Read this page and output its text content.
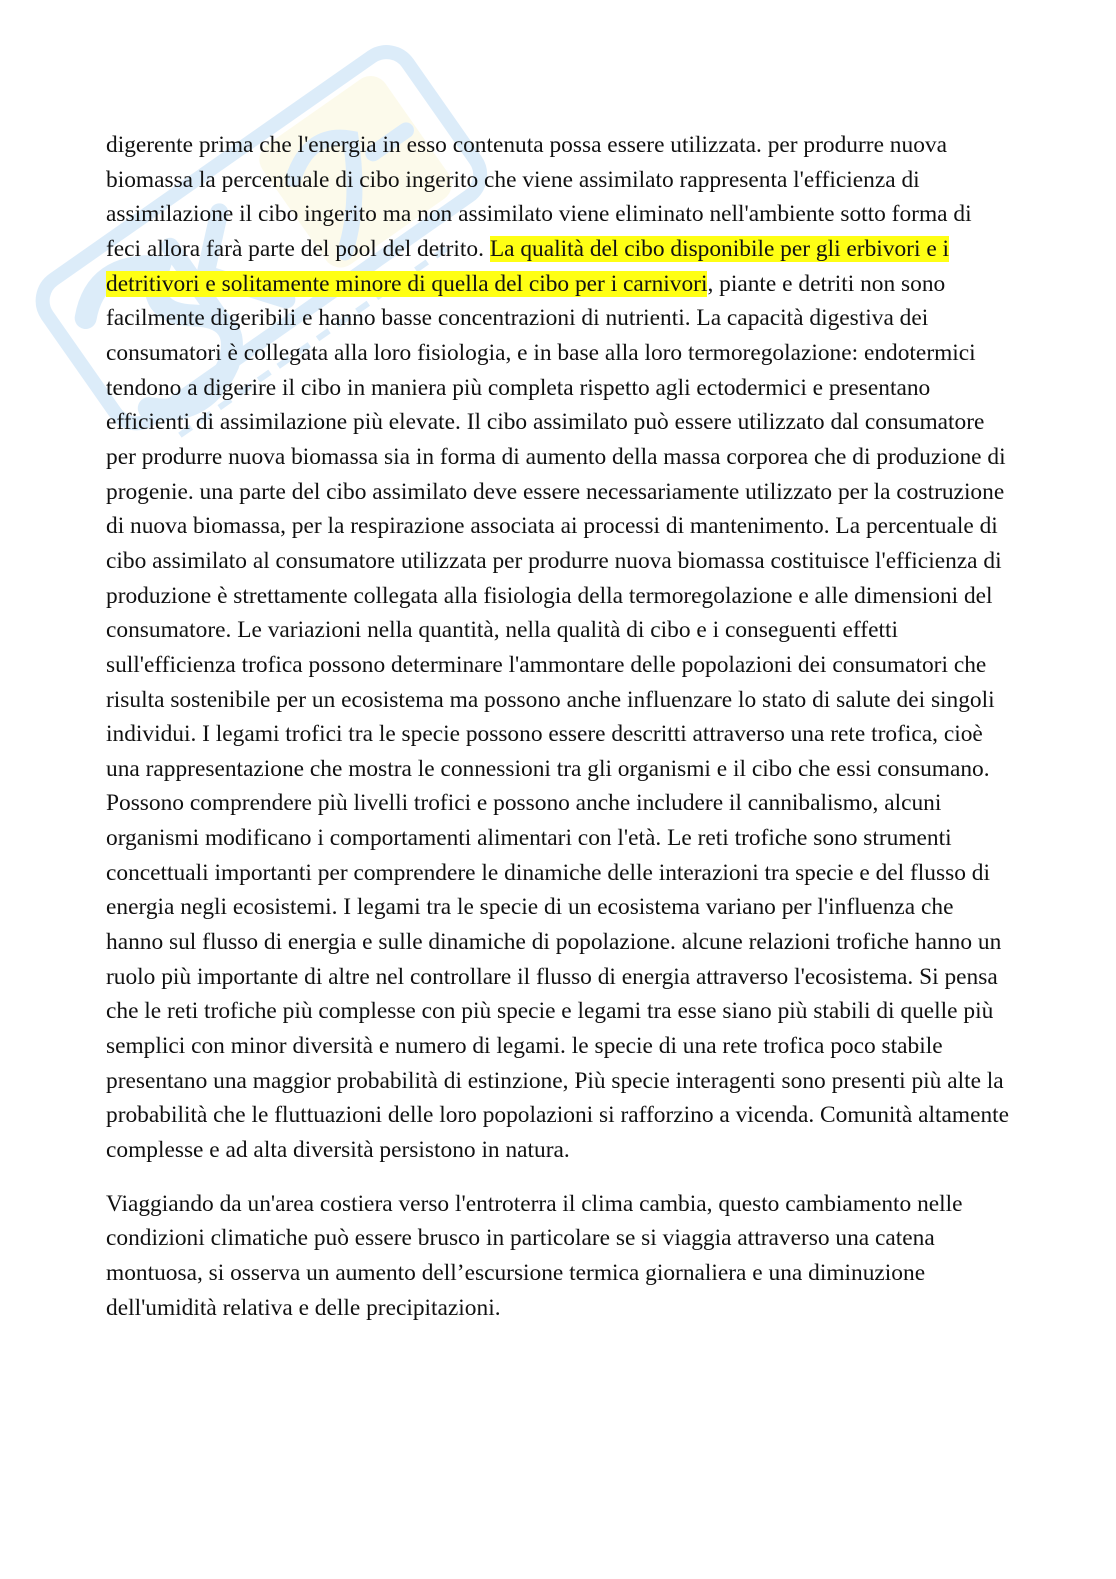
digerente prima che l'energia in esso contenuta possa essere utilizzata. per produrre nuova biomassa la percentuale di cibo ingerito che viene assimilato rappresenta l'efficienza di assimilazione il cibo ingerito ma non assimilato viene eliminato nell'ambiente sotto forma di feci allora farà parte del pool del detrito. La qualità del cibo disponibile per gli erbivori e i detritivori e solitamente minore di quella del cibo per i carnivori, piante e detriti non sono facilmente digeribili e hanno basse concentrazioni di nutrienti. La capacità digestiva dei consumatori è collegata alla loro fisiologia, e in base alla loro termoregolazione: endotermici tendono a digerire il cibo in maniera più completa rispetto agli ectodermici e presentano efficienti di assimilazione più elevate. Il cibo assimilato può essere utilizzato dal consumatore per produrre nuova biomassa sia in forma di aumento della massa corporea che di produzione di progenie. una parte del cibo assimilato deve essere necessariamente utilizzato per la costruzione di nuova biomassa, per la respirazione associata ai processi di mantenimento. La percentuale di cibo assimilato al consumatore utilizzata per produrre nuova biomassa costituisce l'efficienza di produzione è strettamente collegata alla fisiologia della termoregolazione e alle dimensioni del consumatore. Le variazioni nella quantità, nella qualità di cibo e i conseguenti effetti sull'efficienza trofica possono determinare l'ammontare delle popolazioni dei consumatori che risulta sostenibile per un ecosistema ma possono anche influenzare lo stato di salute dei singoli individui. I legami trofici tra le specie possono essere descritti attraverso una rete trofica, cioè una rappresentazione che mostra le connessioni tra gli organismi e il cibo che essi consumano. Possono comprendere più livelli trofici e possono anche includere il cannibalismo, alcuni organismi modificano i comportamenti alimentari con l'età. Le reti trofiche sono strumenti concettuali importanti per comprendere le dinamiche delle interazioni tra specie e del flusso di energia negli ecosistemi. I legami tra le specie di un ecosistema variano per l'influenza che hanno sul flusso di energia e sulle dinamiche di popolazione. alcune relazioni trofiche hanno un ruolo più importante di altre nel controllare il flusso di energia attraverso l'ecosistema. Si pensa che le reti trofiche più complesse con più specie e legami tra esse siano più stabili di quelle più semplici con minor diversità e numero di legami. le specie di una rete trofica poco stabile presentano una maggior probabilità di estinzione, Più specie interagenti sono presenti più alte la probabilità che le fluttuazioni delle loro popolazioni si rafforzino a vicenda. Comunità altamente complesse e ad alta diversità persistono in natura.

Viaggiando da un'area costiera verso l'entroterra il clima cambia, questo cambiamento nelle condizioni climatiche può essere brusco in particolare se si viaggia attraverso una catena montuosa, si osserva un aumento dell’escursione termica giornaliera e una diminuzione dell'umidità relativa e delle precipitazioni.
